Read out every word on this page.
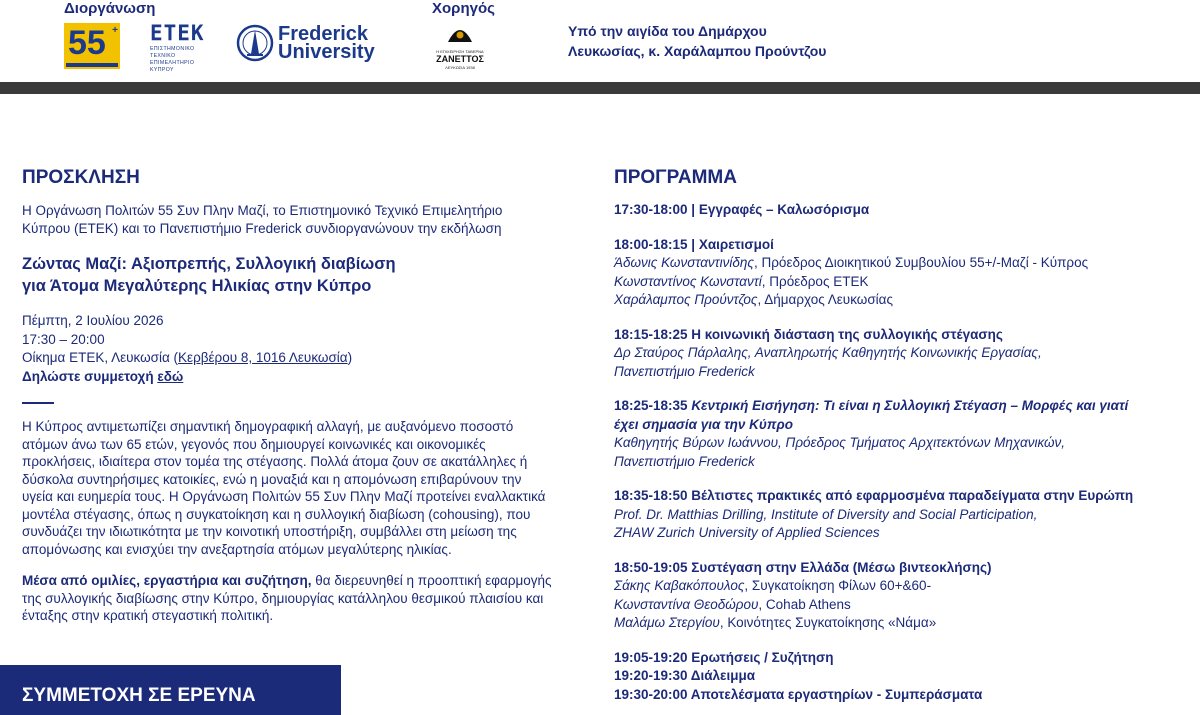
Διοργάνωση	Χορηγός
55 + ΕΤΕΚ
ΕΠΙΣΤΗΜΟΝΙΚΟ
ΤΕΧΝΙΚΟ
ΕΠΙΜΕΛΗΤΗΡΙΟ
ΚΥΠΡΟΥ
Frederick
University	Η ΕΠΙΧΕΙΡΗΣΗ ΤΑΒΕΡΝΑ
ΖΑΝΕΤΤΟΣ
ΛΕΥΚΩΣΙΑ 1938
Υπό την αιγίδα του Δημάρχου
Λευκωσίας, κ. Χαράλαμπου Προύντζου
ΠΡΟΣΚΛΗΣΗ
Η Οργάνωση Πολιτών 55 Συν Πλην Μαζί, το Επιστημονικό Τεχνικό Επιμελητήριο Κύπρου (ΕΤΕΚ) και το Πανεπιστήμιο Frederick συνδιοργανώνουν την εκδήλωση
Ζώντας Μαζί: Αξιοπρεπής, Συλλογική διαβίωση
για Άτομα Μεγαλύτερης Ηλικίας στην Κύπρο
Πέμπτη, 2 Ιουλίου 2026
17:30 – 20:00
Οίκημα ΕΤΕΚ, Λευκωσία (Κερβέρου 8, 1016 Λευκωσία)
Δηλώστε συμμετοχή εδώ
Η Κύπρος αντιμετωπίζει σημαντική δημογραφική αλλαγή, με αυξανόμενο ποσοστό ατόμων άνω των 65 ετών, γεγονός που δημιουργεί κοινωνικές και οικονομικές προκλήσεις, ιδιαίτερα στον τομέα της στέγασης. Πολλά άτομα ζουν σε ακατάλληλες ή δύσκολα συντηρήσιμες κατοικίες, ενώ η μοναξιά και η απομόνωση επιβαρύνουν την υγεία και ευημερία τους. Η Οργάνωση Πολιτών 55 Συν Πλην Μαζί προτείνει εναλλακτικά μοντέλα στέγασης, όπως η συγκατοίκηση και η συλλογική διαβίωση (cohousing), που συνδυάζει την ιδιωτικότητα με την κοινοτική υποστήριξη, συμβάλλει στη μείωση της απομόνωσης και ενισχύει την ανεξαρτησία ατόμων μεγαλύτερης ηλικίας.
Μέσα από ομιλίες, εργαστήρια και συζήτηση, θα διερευνηθεί η προοπτική εφαρμογής της συλλογικής διαβίωσης στην Κύπρο, δημιουργίας κατάλληλου θεσμικού πλαισίου και ένταξης στην κρατική στεγαστική πολιτική.
ΣΥΜΜΕΤΟΧΗ ΣΕ ΕΡΕΥΝΑ
ΠΡΟΓΡΑΜΜΑ
17:30-18:00 | Εγγραφές – Καλωσόρισμα
18:00-18:15 | Χαιρετισμοί
Άδωνις Κωνσταντινίδης, Πρόεδρος Διοικητικού Συμβουλίου 55+/-Μαζί - Κύπρος
Κωνσταντίνος Κωνσταντί, Πρόεδρος ΕΤΕΚ
Χαράλαμπος Προύντζος, Δήμαρχος Λευκωσίας
18:15-18:25 Η κοινωνική διάσταση της συλλογικής στέγασης
Δρ Σταύρος Πάρλαλης, Αναπληρωτής Καθηγητής Κοινωνικής Εργασίας,
Πανεπιστήμιο Frederick
18:25-18:35 Κεντρική Εισήγηση: Τι είναι η Συλλογική Στέγαση – Μορφές και γιατί
έχει σημασία για την Κύπρο
Καθηγητής Βύρων Ιωάννου, Πρόεδρος Τμήματος Αρχιτεκτόνων Μηχανικών,
Πανεπιστήμιο Frederick
18:35-18:50 Βέλτιστες πρακτικές από εφαρμοσμένα παραδείγματα στην Ευρώπη
Prof. Dr. Matthias Drilling, Institute of Diversity and Social Participation,
ZHAW Zurich University of Applied Sciences
18:50-19:05 Συστέγαση στην Ελλάδα (Μέσω βιντεοκλήσης)
Σάκης Καβακόπουλος, Συγκατοίκηση Φίλων 60+&60-
Κωνσταντίνα Θεοδώρου, Cohab Athens
Μαλάμω Στεργίου, Κοινότητες Συγκατοίκησης «Νάμα»
19:05-19:20 Ερωτήσεις / Συζήτηση
19:20-19:30 Διάλειμμα
19:30-20:00 Αποτελέσματα εργαστηρίων - Συμπεράσματα
